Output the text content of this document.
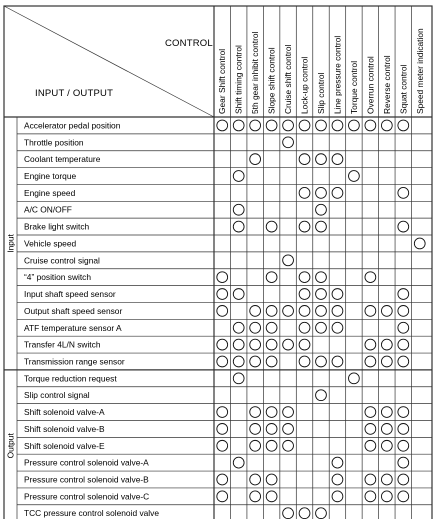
CONTROL
INPUT / OUTPUT	Gear Shift control Shift timing control 5th gear inhibit control Slope shift control Cruise shift control Lock-up control Slip control Line pressure control Torque control Overrun control Reverse control Squat control Speed meter indication
Input
Output
Accelerator pedal position
Throttle position
Coolant temperature
Engine torque
Engine speed
A/C ON/OFF
Brake light switch
Vehicle speed
Cruise control signal
“4” position switch
Input shaft speed sensor
Output shaft speed sensor
ATF temperature sensor A
Transfer 4L/N switch
Transmission range sensor
Torque reduction request
Slip control signal
Shift solenoid valve-A
Shift solenoid valve-B
Shift solenoid valve-E
Pressure control solenoid valve-A
Pressure control solenoid valve-B
Pressure control solenoid valve-C
TCC pressure control solenoid valve
